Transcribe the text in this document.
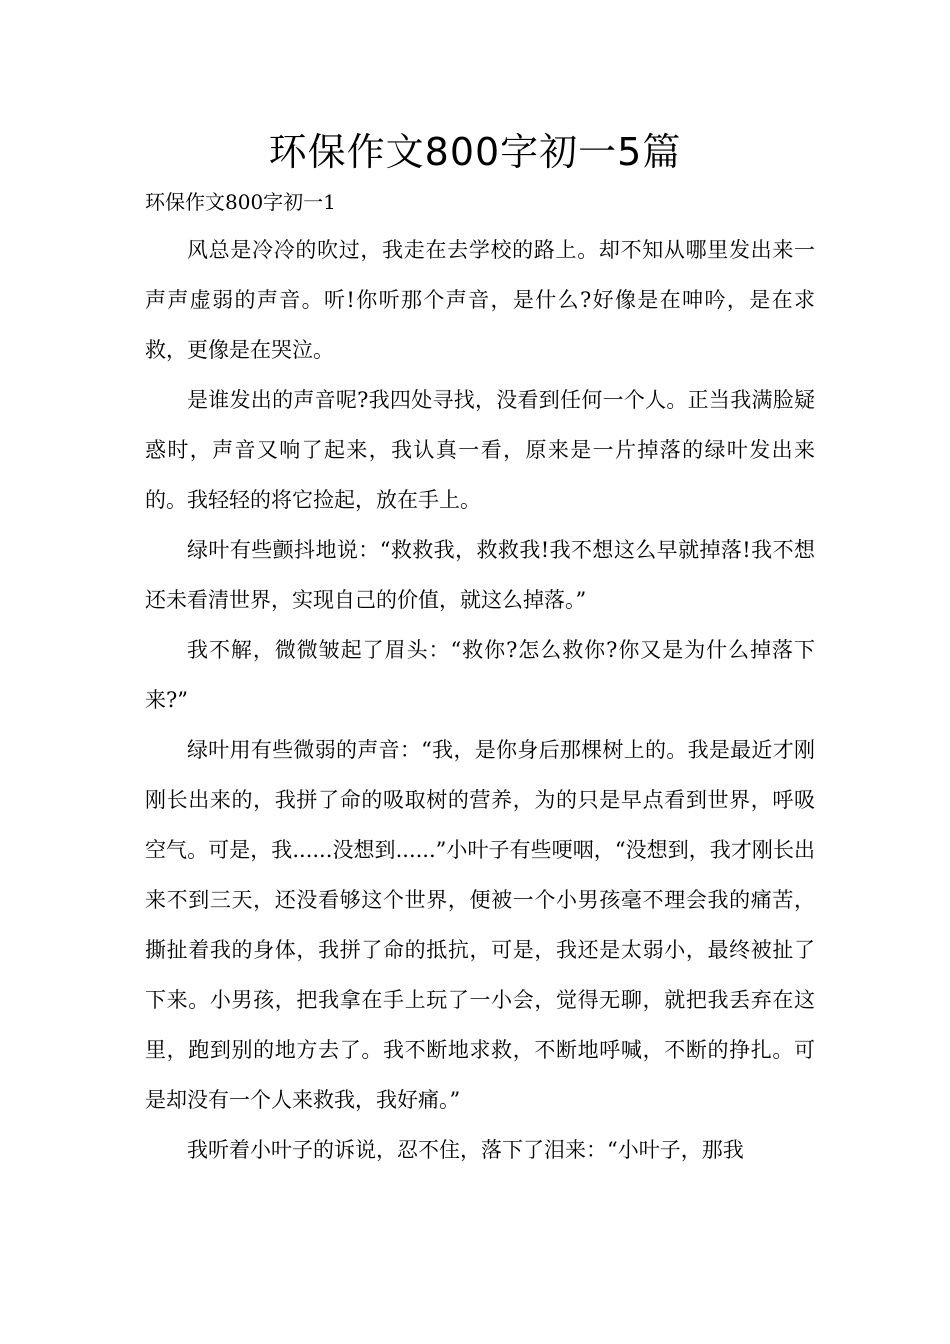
环保作文800字初一5篇

环保作文800字初一1

风总是冷冷的吹过，我走在去学校的路上。却不知从哪里发出来一声声虚弱的声音。听!你听那个声音，是什么?好像是在呻吟，是在求救，更像是在哭泣。

是谁发出的声音呢?我四处寻找，没看到任何一个人。正当我满脸疑惑时，声音又响了起来，我认真一看，原来是一片掉落的绿叶发出来的。我轻轻的将它捡起，放在手上。

绿叶有些颤抖地说：“救救我，救救我!我不想这么早就掉落!我不想还未看清世界，实现自己的价值，就这么掉落。”

我不解，微微皱起了眉头：“救你?怎么救你?你又是为什么掉落下来?”

绿叶用有些微弱的声音：“我，是你身后那棵树上的。我是最近才刚刚长出来的，我拼了命的吸取树的营养，为的只是早点看到世界，呼吸空气。可是，我......没想到......”小叶子有些哽咽，“没想到，我才刚长出来不到三天，还没看够这个世界，便被一个小男孩毫不理会我的痛苦，撕扯着我的身体，我拼了命的抵抗，可是，我还是太弱小，最终被扯了下来。小男孩，把我拿在手上玩了一小会，觉得无聊，就把我丢弃在这里，跑到别的地方去了。我不断地求救，不断地呼喊，不断的挣扎。可是却没有一个人来救我，我好痛。”

我听着小叶子的诉说，忍不住，落下了泪来：“小叶子，那我
